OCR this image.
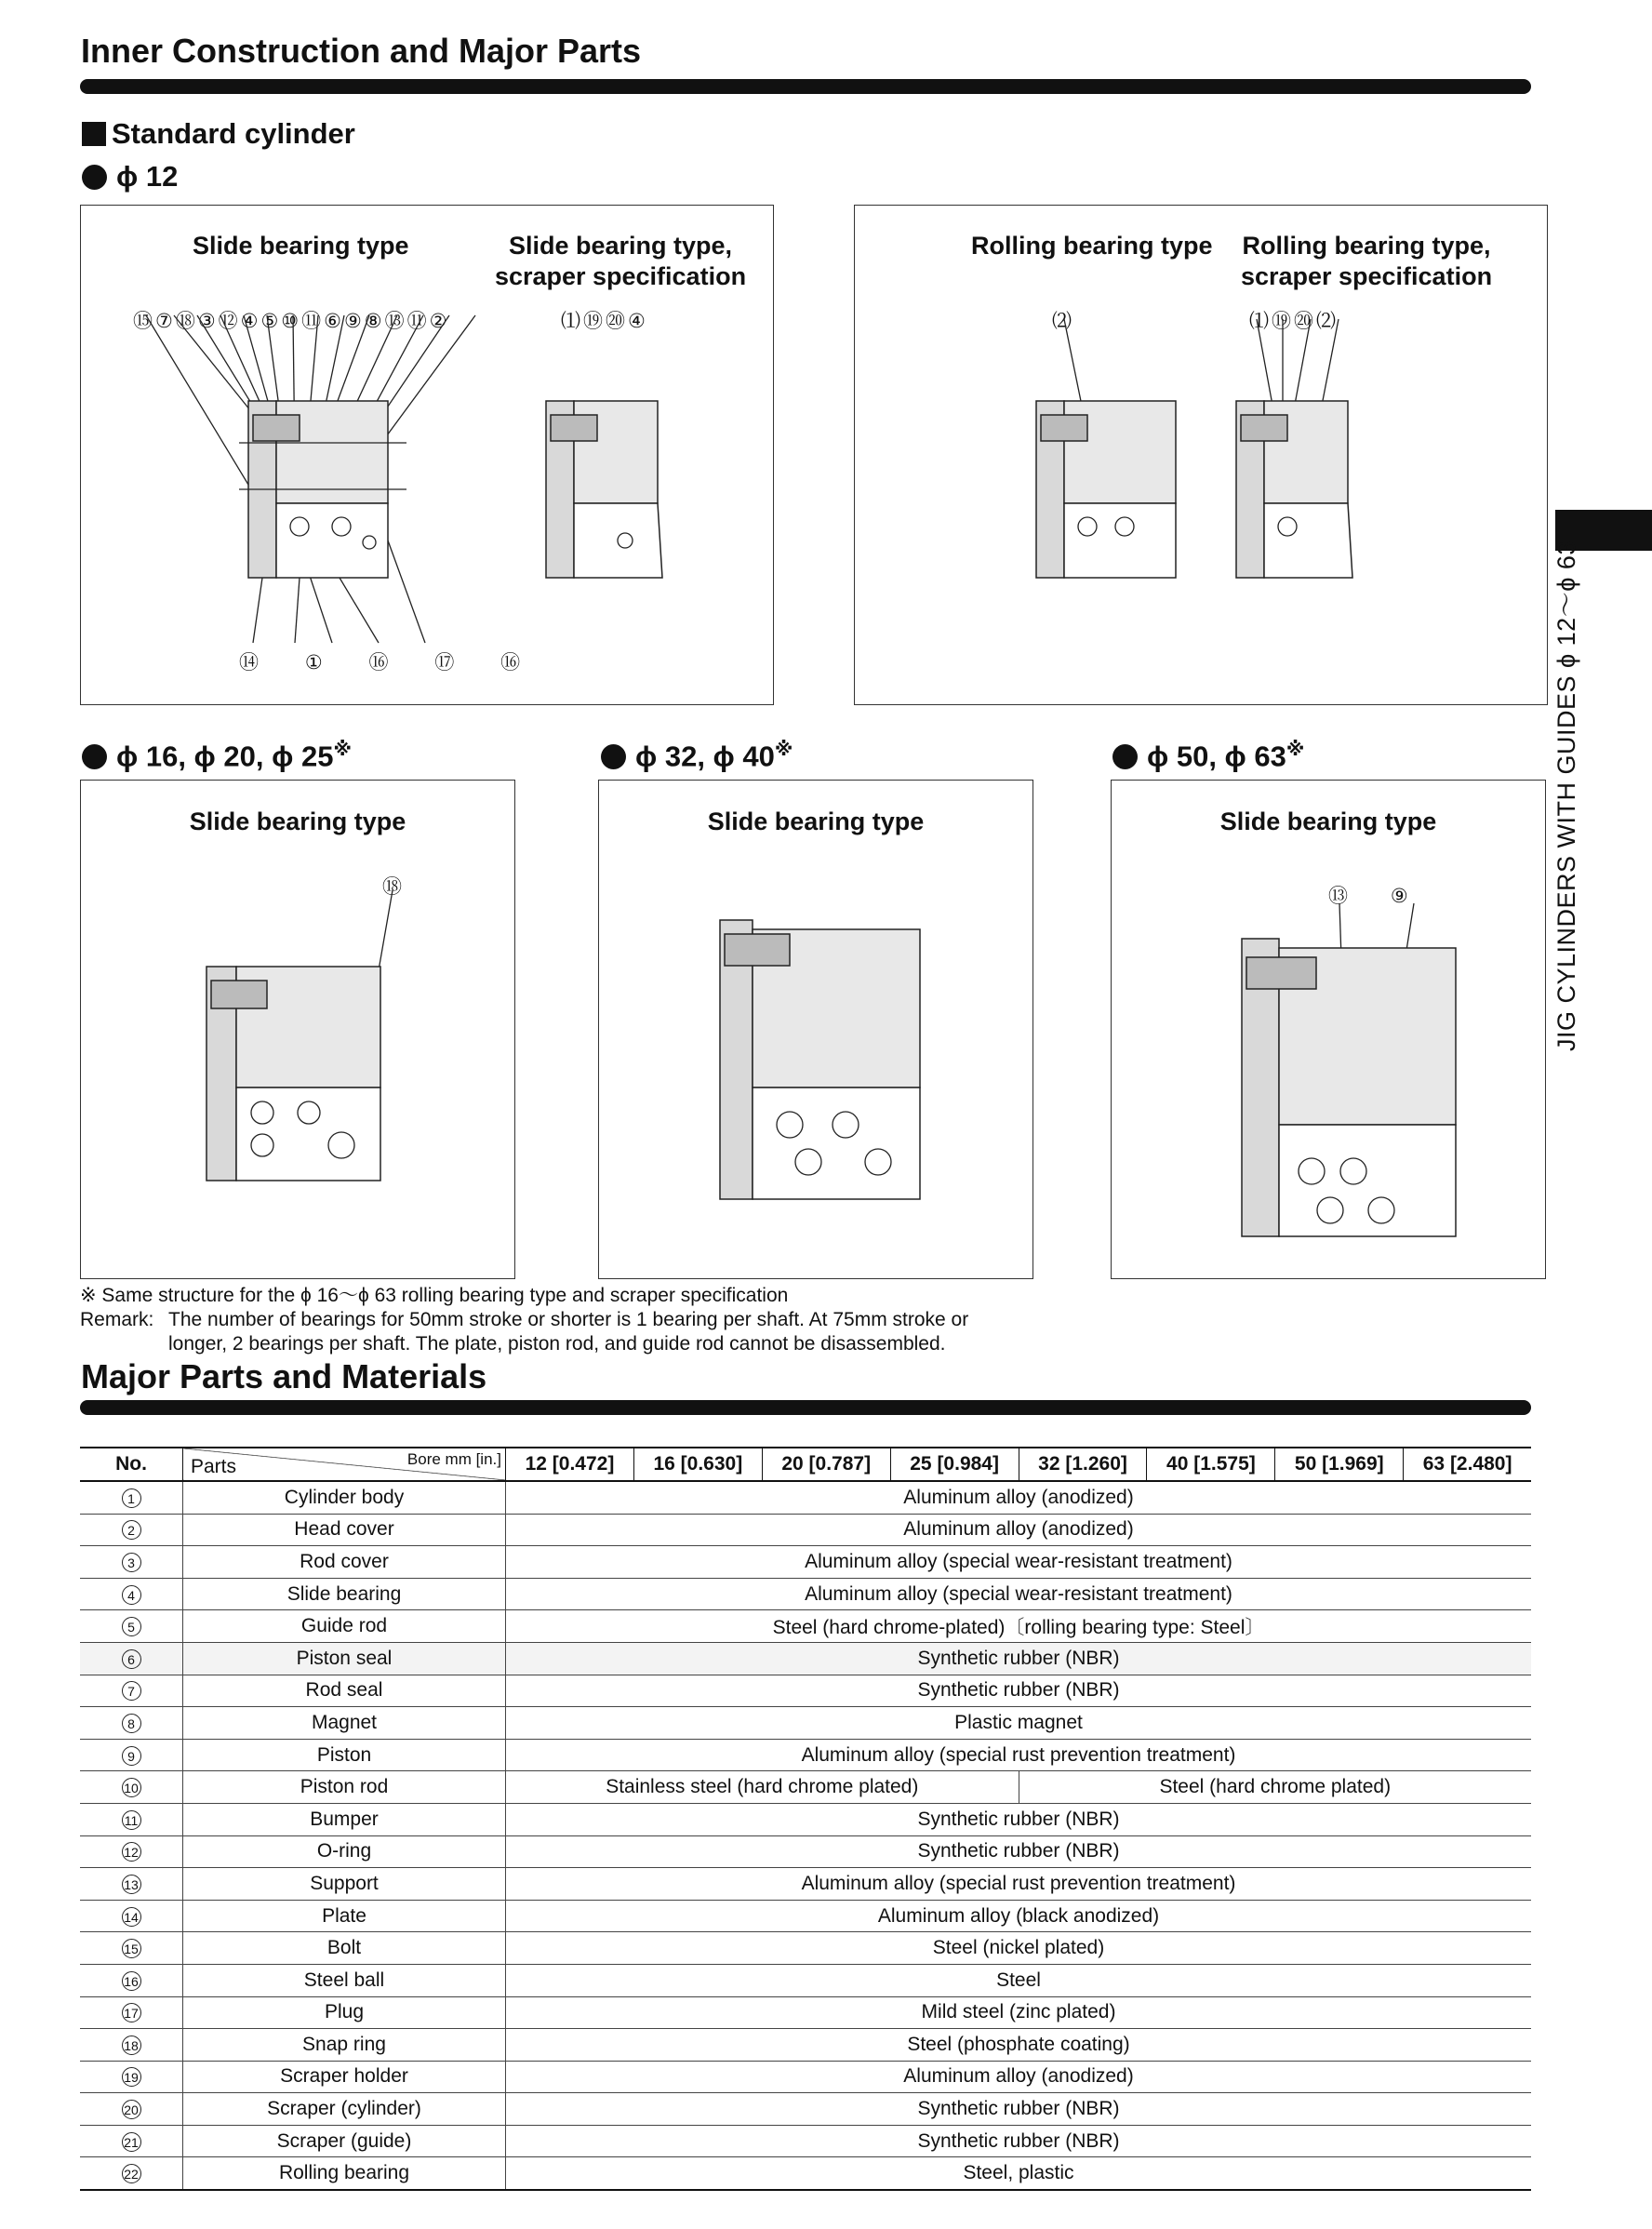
Inner Construction and Major Parts
Standard cylinder
ϕ 12
Slide bearing type	Slide bearing type,
scraper specification
⑮⑦⑱③⑫④⑤⑩⑪⑥⑨⑧⑬⑪②	⑴⑲⑳④
⑭ ① ⑯ ⑰ ⑯
Rolling bearing type	Rolling bearing type,
scraper specification
⑵	⑴⑲⑳⑵
ϕ 16, ϕ 20, ϕ 25※	ϕ 32, ϕ 40※	ϕ 50, ϕ 63※
Slide bearing type
⑱
Slide bearing type	Slide bearing type
⑬ ⑨
※ Same structure for the ϕ 16～ϕ 63 rolling bearing type and scraper specification
Remark: The number of bearings for 50mm stroke or shorter is 1 bearing per shaft. At 75mm stroke or
longer, 2 bearings per shaft. The plate, piston rod, and guide rod cannot be disassembled.
Major Parts and Materials
JIG CYLINDERS WITH GUIDES ϕ 12～ϕ 63
No.	Parts Bore mm [in.]	12 [0.472]	16 [0.630]	20 [0.787]	25 [0.984]	32 [1.260]	40 [1.575]	50 [1.969]	63 [2.480]
1	Cylinder body	Aluminum alloy (anodized)							
2	Head cover	Aluminum alloy (anodized)							
3	Rod cover	Aluminum alloy (special wear-resistant treatment)							
4	Slide bearing	Aluminum alloy (special wear-resistant treatment)							
5	Guide rod	Steel (hard chrome-plated)〔rolling bearing type: Steel〕							
6	Piston seal	Synthetic rubber (NBR)							
7	Rod seal	Synthetic rubber (NBR)							
8	Magnet	Plastic magnet							
9	Piston	Aluminum alloy (special rust prevention treatment)							
10	Piston rod	Stainless steel (hard chrome plated)				Steel (hard chrome plated)			
11	Bumper	Synthetic rubber (NBR)							
12	O-ring	Synthetic rubber (NBR)							
13	Support	Aluminum alloy (special rust prevention treatment)							
14	Plate	Aluminum alloy (black anodized)							
15	Bolt	Steel (nickel plated)							
16	Steel ball	Steel							
17	Plug	Mild steel (zinc plated)							
18	Snap ring	Steel (phosphate coating)							
19	Scraper holder	Aluminum alloy (anodized)							
20	Scraper (cylinder)	Synthetic rubber (NBR)							
21	Scraper (guide)	Synthetic rubber (NBR)							
22	Rolling bearing	Steel, plastic							
